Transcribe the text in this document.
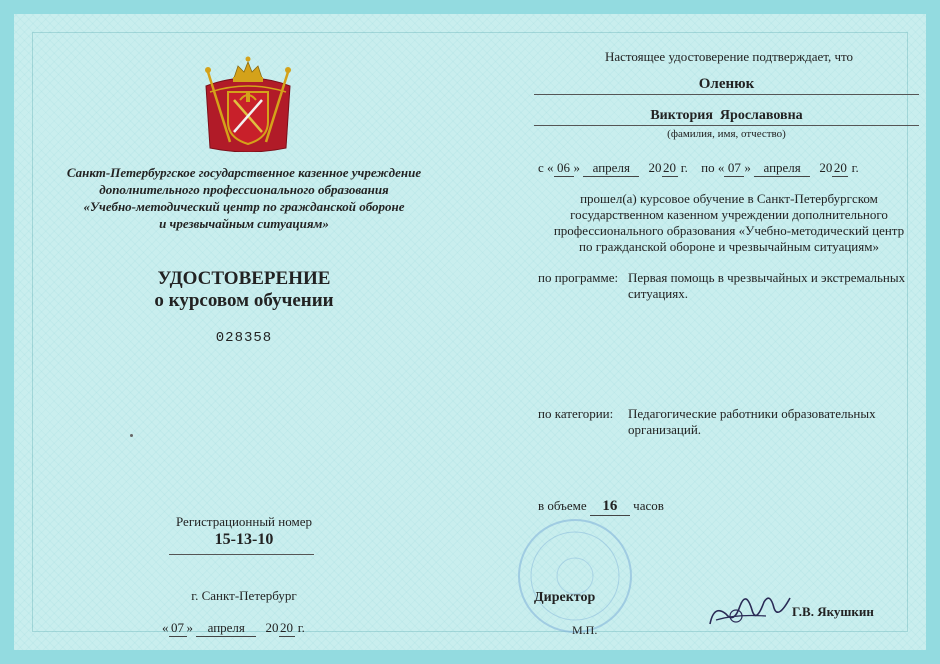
Санкт-Петербургское государственное казенное учреждение
дополнительного профессионального образования
«Учебно-методический центр по гражданской обороне
и чрезвычайным ситуациям»
УДОСТОВЕРЕНИЕ
о курсовом обучении
028358
Регистрационный номер
15-13-10
г. Санкт-Петербург
« 07 » апреля 20 20 г.
Настоящее удостоверение подтверждает, что
Оленюк
Виктория  Ярославовна
(фамилия, имя, отчество)
с « 06 » апреля 20 20 г. по « 07 » апреля 20 20 г.
прошел(а) курсовое обучение в Санкт-Петербургском
государственном казенном учреждении дополнительного
профессионального образования «Учебно-методический центр
по гражданской обороне и чрезвычайным ситуациям»
по программе: Первая помощь в чрезвычайных и экстремальных
ситуациях.
по категории: Педагогические работники образовательных
организаций.
в объеме 16 часов
Директор
М.П.
Г.В. Якушкин
